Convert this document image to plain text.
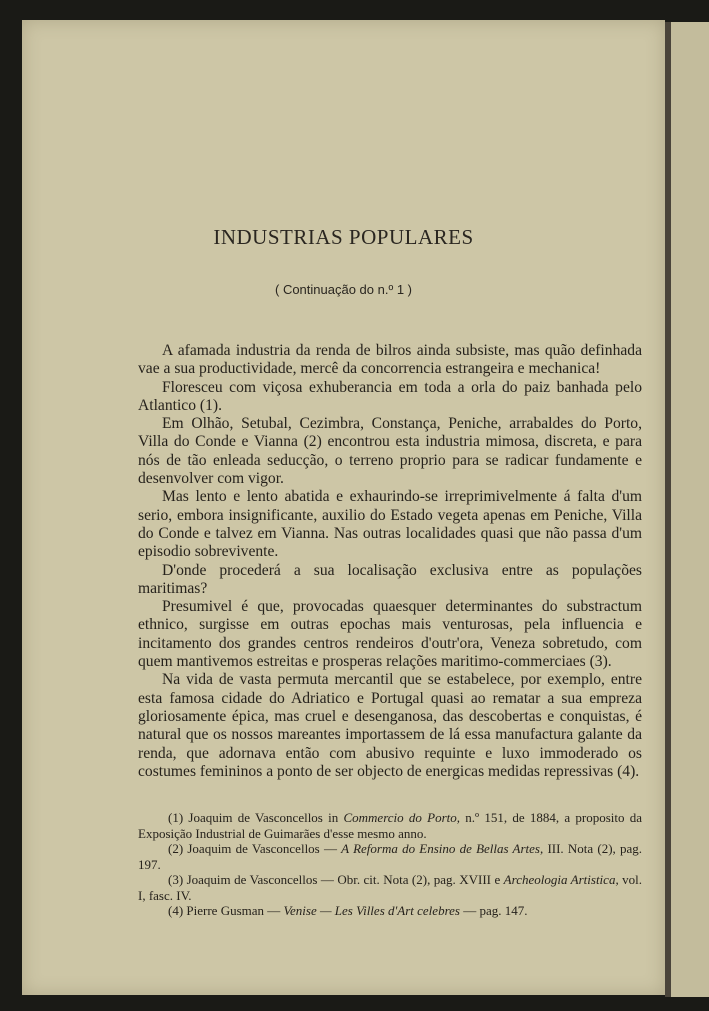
INDUSTRIAS POPULARES
( Continuação do n.º 1 )

A afamada industria da renda de bilros ainda subsiste, mas quão definhada vae a sua productividade, mercê da concorrencia estrangeira e mechanica!

Floresceu com viçosa exhuberancia em toda a orla do paiz banhada pelo Atlantico (1).

Em Olhão, Setubal, Cezimbra, Constança, Peniche, arrabaldes do Porto, Villa do Conde e Vianna (2) encontrou esta industria mimosa, discreta, e para nós de tão enleada seducção, o terreno proprio para se radicar fundamente e desenvolver com vigor.

Mas lento e lento abatida e exhaurindo-se irreprimivelmente á falta d'um serio, embora insignificante, auxilio do Estado vegeta apenas em Peniche, Villa do Conde e talvez em Vianna. Nas outras localidades quasi que não passa d'um episodio sobrevivente.

D'onde procederá a sua localisação exclusiva entre as populações maritimas?

Presumivel é que, provocadas quaesquer determinantes do substractum ethnico, surgisse em outras epochas mais venturosas, pela influencia e incitamento dos grandes centros rendeiros d'outr'ora, Veneza sobretudo, com quem mantivemos estreitas e prosperas relações maritimo-commerciaes (3).

Na vida de vasta permuta mercantil que se estabelece, por exemplo, entre esta famosa cidade do Adriatico e Portugal quasi ao rematar a sua empreza gloriosamente épica, mas cruel e desenganosa, das descobertas e conquistas, é natural que os nossos mareantes importassem de lá essa manufactura galante da renda, que adornava então com abusivo requinte e luxo immoderado os costumes femininos a ponto de ser objecto de energicas medidas repressivas (4).

(1) Joaquim de Vasconcellos in Commercio do Porto, n.º 151, de 1884, a proposito da Exposição Industrial de Guimarães d'esse mesmo anno.

(2) Joaquim de Vasconcellos — A Reforma do Ensino de Bellas Artes, III. Nota (2), pag. 197.

(3) Joaquim de Vasconcellos — Obr. cit. Nota (2), pag. XVIII e Archeologia Artistica, vol. I, fasc. IV.

(4) Pierre Gusman — Venise — Les Villes d'Art celebres — pag. 147.
